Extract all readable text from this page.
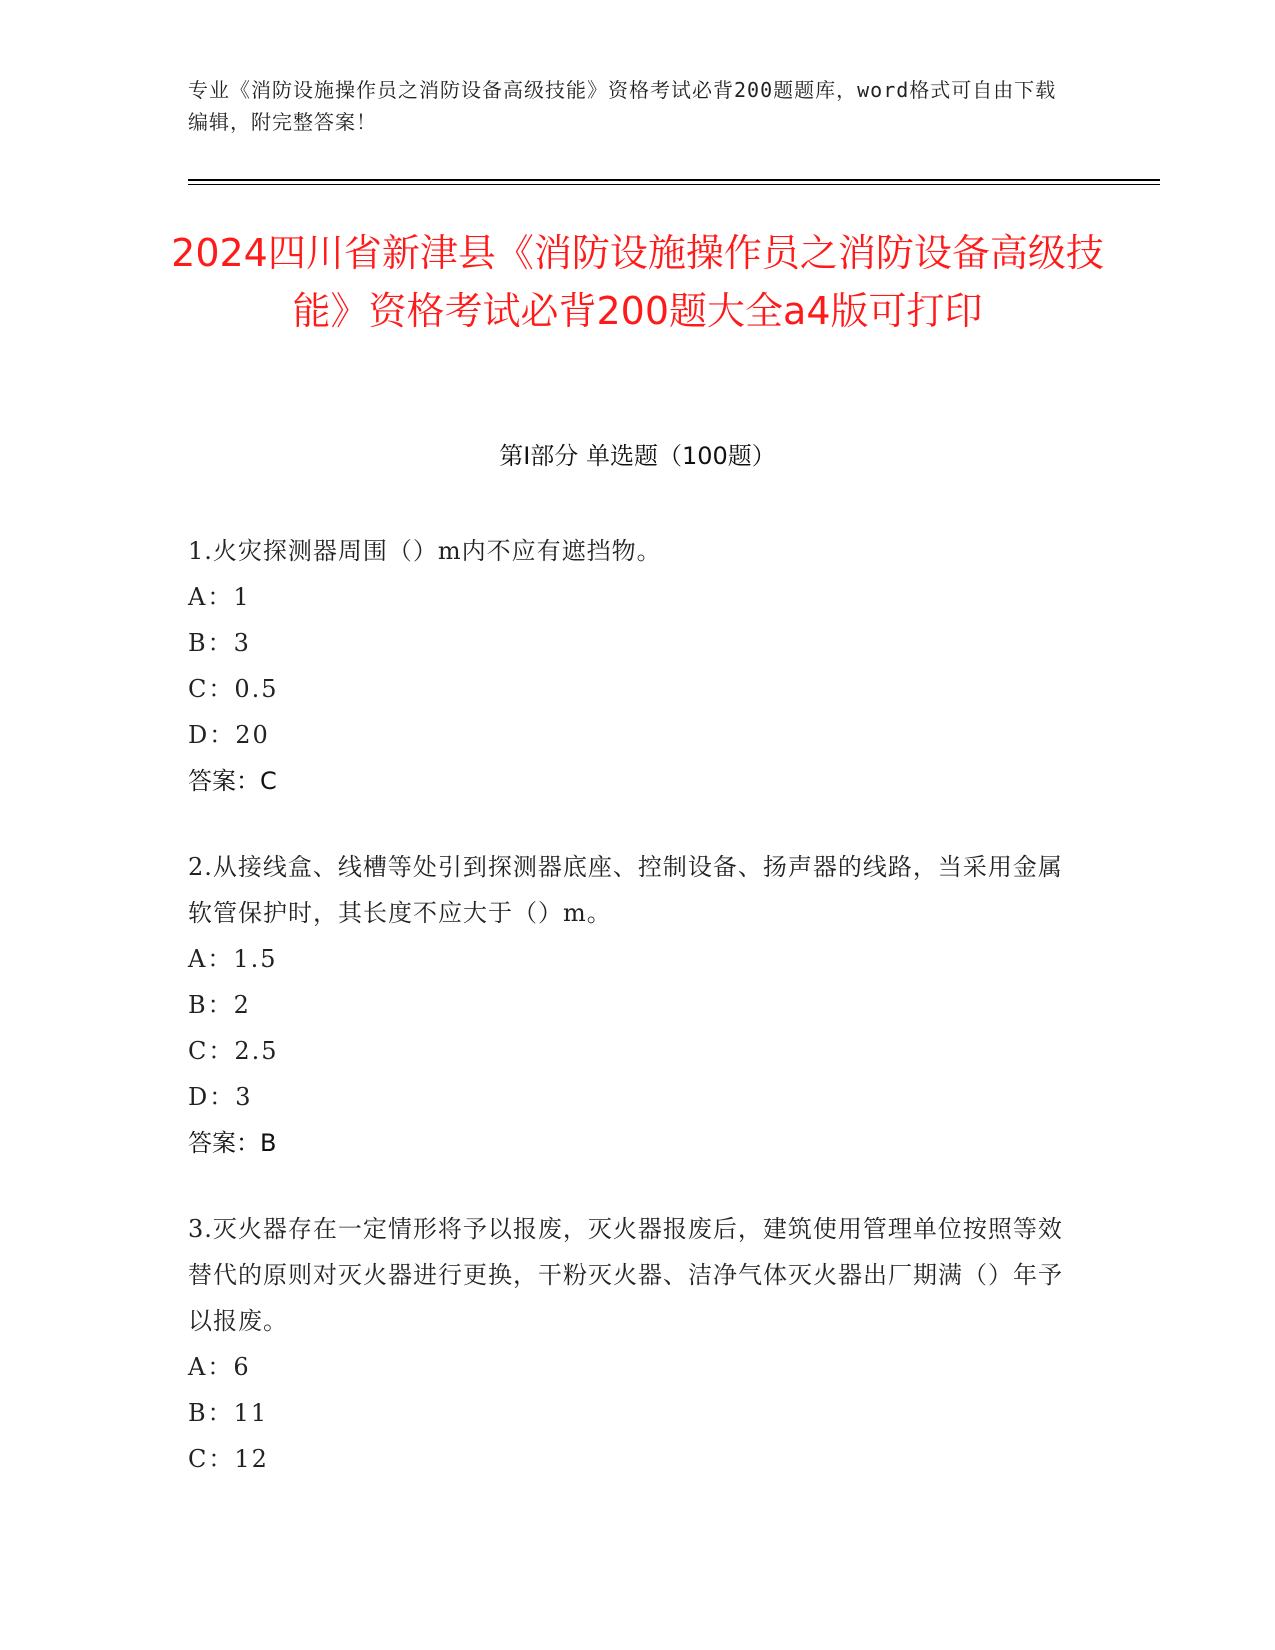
专业《消防设施操作员之消防设备高级技能》资格考试必背200题题库，word格式可自由下载编辑，附完整答案！
2024四川省新津县《消防设施操作员之消防设备高级技能》资格考试必背200题大全a4版可打印
第Ⅰ部分 单选题（100题）
1.火灾探测器周围（）m内不应有遮挡物。
A：1
B：3
C：0.5
D：20
答案：C
2.从接线盒、线槽等处引到探测器底座、控制设备、扬声器的线路，当采用金属软管保护时，其长度不应大于（）m。
A：1.5
B：2
C：2.5
D：3
答案：B
3.灭火器存在一定情形将予以报废，灭火器报废后，建筑使用管理单位按照等效替代的原则对灭火器进行更换，干粉灭火器、洁净气体灭火器出厂期满（）年予以报废。
A：6
B：11
C：12
